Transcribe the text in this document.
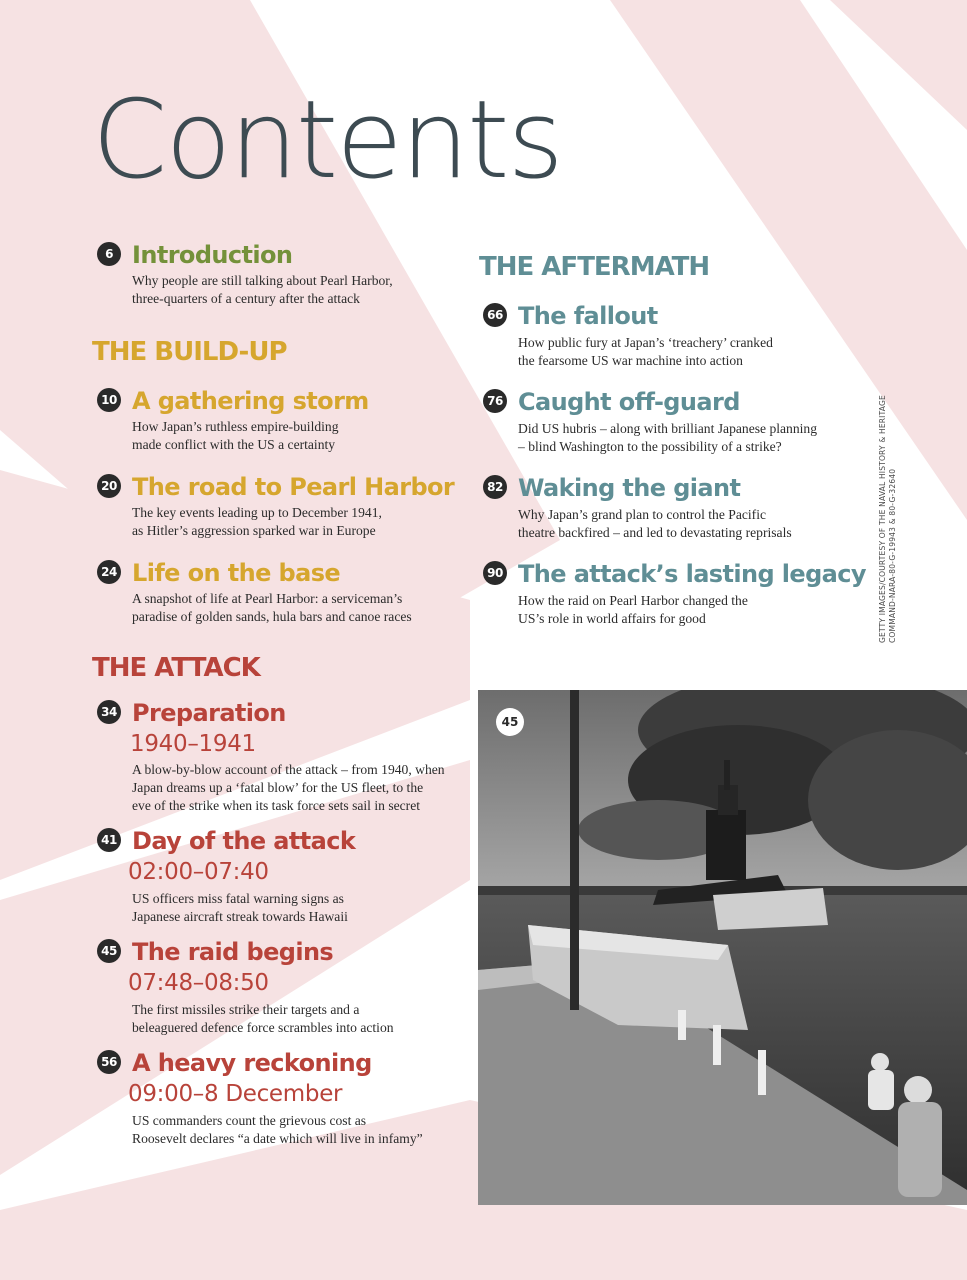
Contents
6 Introduction
Why people are still talking about Pearl Harbor,
three-quarters of a century after the attack
THE BUILD-UP
10 A gathering storm
How Japan’s ruthless empire-building
made conflict with the US a certainty
20 The road to Pearl Harbor
The key events leading up to December 1941,
as Hitler’s aggression sparked war in Europe
24 Life on the base
A snapshot of life at Pearl Harbor: a serviceman’s
paradise of golden sands, hula bars and canoe races
THE ATTACK
34 Preparation
1940–1941
A blow-by-blow account of the attack – from 1940, when
Japan dreams up a ‘fatal blow’ for the US fleet, to the
eve of the strike when its task force sets sail in secret
41 Day of the attack
02:00–07:40
US officers miss fatal warning signs as
Japanese aircraft streak towards Hawaii
45 The raid begins
07:48–08:50
The first missiles strike their targets and a
beleaguered defence force scrambles into action
56 A heavy reckoning
09:00–8 December
US commanders count the grievous cost as
Roosevelt declares “a date which will live in infamy”
THE AFTERMATH
66 The fallout
How public fury at Japan’s ‘treachery’ cranked
the fearsome US war machine into action
76 Caught off-guard
Did US hubris – along with brilliant Japanese planning
– blind Washington to the possibility of a strike?
82 Waking the giant
Why Japan’s grand plan to control the Pacific
theatre backfired – and led to devastating reprisals
90 The attack’s lasting legacy
How the raid on Pearl Harbor changed the
US’s role in world affairs for good	GETTY IMAGES/COURTESY OF THE NAVAL HISTORY & HERITAGE COMMAND-NARA-80-G-19943 & 80-G-32640
45
